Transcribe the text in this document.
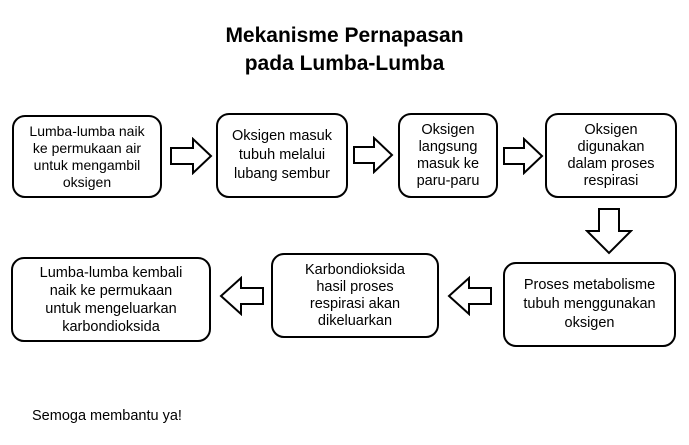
Mekanisme Pernapasan
pada Lumba-Lumba
Lumba-lumba naik
ke permukaan air
untuk mengambil
oksigen
Oksigen masuk
tubuh melalui
lubang sembur
Oksigen
langsung
masuk ke
paru-paru
Oksigen
digunakan
dalam proses
respirasi
Proses metabolisme
tubuh menggunakan
oksigen
Karbondioksida
hasil proses
respirasi akan
dikeluarkan
Lumba-lumba kembali
naik ke permukaan
untuk mengeluarkan
karbondioksida
Semoga membantu ya!
